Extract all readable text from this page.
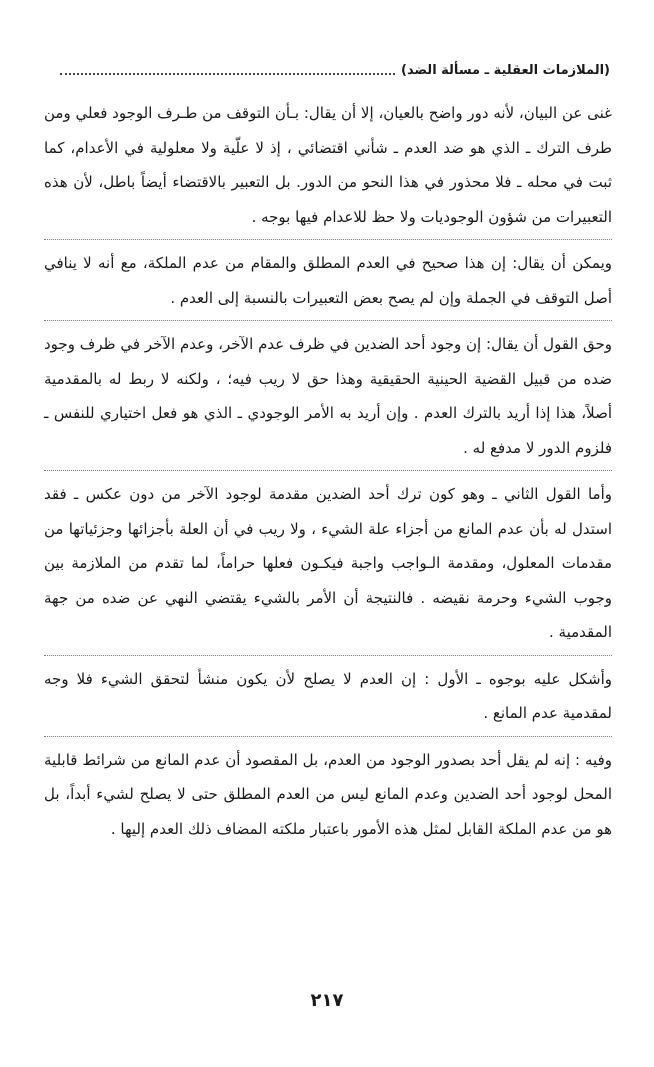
(الملازمات العقلية ـ مسألة الضد)

غنى عن البيان، لأنه دور واضح بالعيان، إلا أن يقال: بـأن التوقف من طـرف الوجود فعلي ومن طرف الترك ـ الذي هو ضد العدم ـ شأني اقتضائي ، إذ لا علّية ولا معلولية في الأعدام، كما ثبت في محله ـ فلا محذور في هذا النحو من الدور. بل التعبير بالاقتضاء أيضاً باطل، لأن هذه التعبيرات من شؤون الوجوديات ولا حظ للاعدام فيها بوجه .

ويمكن أن يقال: إن هذا صحيح في العدم المطلق والمقام من عدم الملكة، مع أنه لا ينافي أصل التوقف في الجملة وإن لم يصح بعض التعبيرات بالنسبة إلى العدم .

وحق القول أن يقال: إن وجود أحد الضدين في ظرف عدم الآخر، وعدم الآخر في ظرف وجود ضده من قبيل القضية الحينية الحقيقية وهذا حق لا ريب فيه؛ ، ولكنه لا ربط له بالمقدمية أصلاً، هذا إذا أريد بالترك العدم . وإن أريد به الأمر الوجودي ـ الذي هو فعل اختياري للنفس ـ فلزوم الدور لا مدفع له .

وأما القول الثاني ـ وهو كون ترك أحد الضدين مقدمة لوجود الآخر من دون عكس ـ فقد استدل له بأن عدم المانع من أجزاء علة الشيء ، ولا ريب في أن العلة بأجزائها وجزئياتها من مقدمات المعلول، ومقدمة الـواجب واجبة فيكـون فعلها حراماً، لما تقدم من الملازمة بين وجوب الشيء وحرمة نقيضه . فالنتيجة أن الأمر بالشيء يقتضي النهي عن ضده من جهة المقدمية .

وأشكل عليه بوجوه ـ الأول : إن العدم لا يصلح لأن يكون منشأ لتحقق الشيء فلا وجه لمقدمية عدم المانع .

وفيه : إنه لم يقل أحد بصدور الوجود من العدم، بل المقصود أن عدم المانع من شرائط قابلية المحل لوجود أحد الضدين وعدم المانع ليس من العدم المطلق حتى لا يصلح لشيء أبداً، بل هو من عدم الملكة القابل لمثل هذه الأمور باعتبار ملكته المضاف ذلك العدم إليها .

٢١٧
